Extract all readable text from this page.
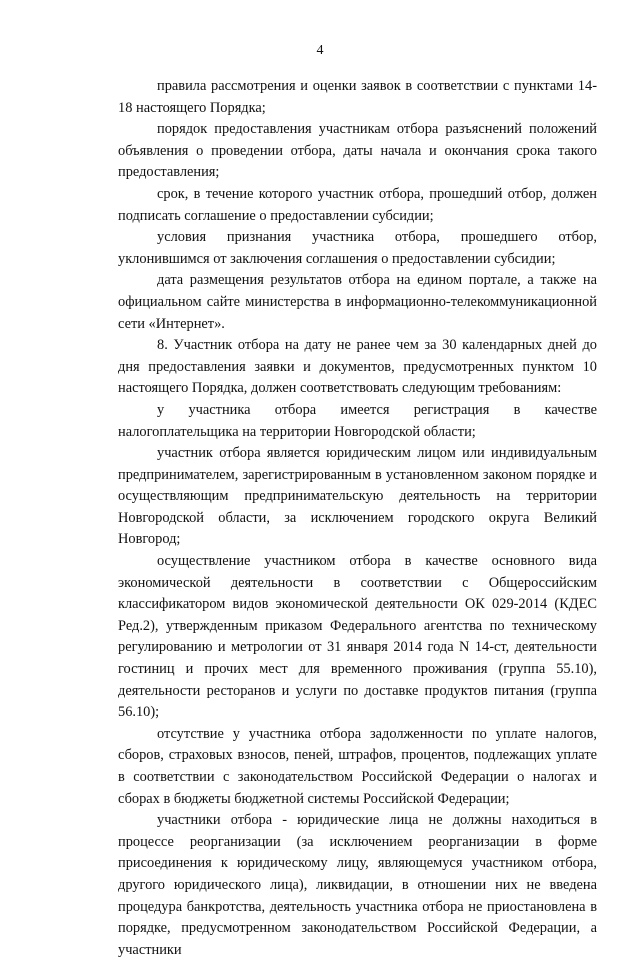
4

правила рассмотрения и оценки заявок в соответствии с пунктами 14-18 настоящего Порядка;

порядок предоставления участникам отбора разъяснений положений объявления о проведении отбора, даты начала и окончания срока такого предоставления;

срок, в течение которого участник отбора, прошедший отбор, должен подписать соглашение о предоставлении субсидии;

условия признания участника отбора, прошедшего отбор, уклонившимся от заключения соглашения о предоставлении субсидии;

дата размещения результатов отбора на едином портале, а также на официальном сайте министерства в информационно-телекоммуникационной сети «Интернет».

8. Участник отбора на дату не ранее чем за 30 календарных дней до дня предоставления заявки и документов, предусмотренных пунктом 10 настоящего Порядка, должен соответствовать следующим требованиям:

у участника отбора имеется регистрация в качестве налогоплательщика на территории Новгородской области;

участник отбора является юридическим лицом или индивидуальным предпринимателем, зарегистрированным в установленном законом порядке и осуществляющим предпринимательскую деятельность на территории Новгородской области, за исключением городского округа Великий Новгород;

осуществление участником отбора в качестве основного вида экономической деятельности в соответствии с Общероссийским классификатором видов экономической деятельности ОК 029-2014 (КДЕС Ред.2), утвержденным приказом Федерального агентства по техническому регулированию и метрологии от 31 января 2014 года N 14-ст, деятельности гостиниц и прочих мест для временного проживания (группа 55.10), деятельности ресторанов и услуги по доставке продуктов питания (группа 56.10);

отсутствие у участника отбора задолженности по уплате налогов, сборов, страховых взносов, пеней, штрафов, процентов, подлежащих уплате в соответствии с законодательством Российской Федерации о налогах и сборах в бюджеты бюджетной системы Российской Федерации;

участники отбора - юридические лица не должны находиться в процессе реорганизации (за исключением реорганизации в форме присоединения к юридическому лицу, являющемуся участником отбора, другого юридического лица), ликвидации, в отношении них не введена процедура банкротства, деятельность участника отбора не приостановлена в порядке, предусмотренном законодательством Российской Федерации, а участники
